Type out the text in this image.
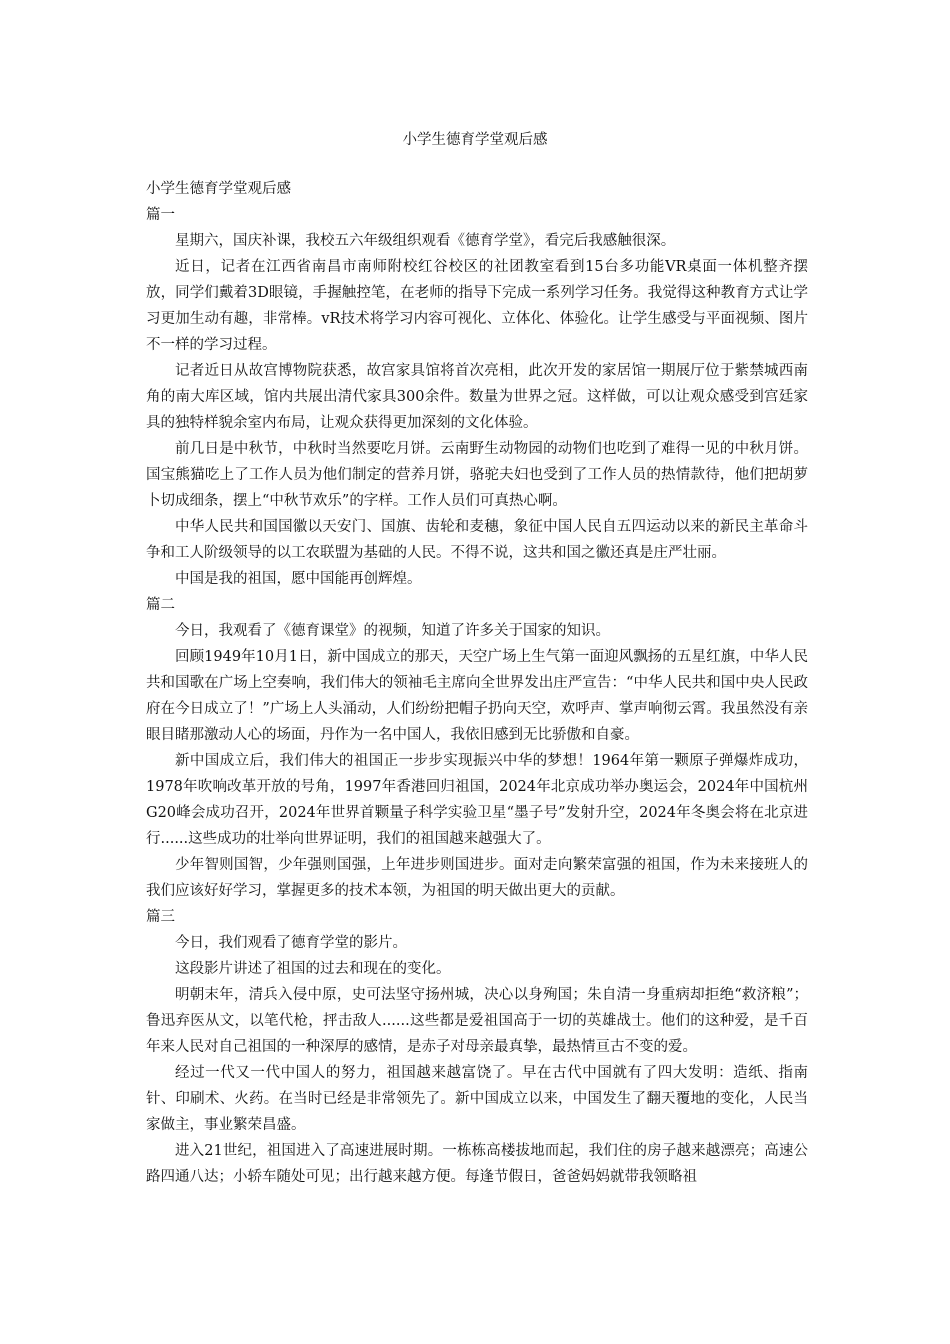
小学生德育学堂观后感

小学生德育学堂观后感

篇一

星期六，国庆补课，我校五六年级组织观看《德育学堂》，看完后我感触很深。

近日，记者在江西省南昌市南师附校红谷校区的社团教室看到15台多功能VR桌面一体机整齐摆放，同学们戴着3D眼镜，手握触控笔，在老师的指导下完成一系列学习任务。我觉得这种教育方式让学习更加生动有趣，非常棒。vR技术将学习内容可视化、立体化、体验化。让学生感受与平面视频、图片不一样的学习过程。

记者近日从故宫博物院获悉，故宫家具馆将首次亮相，此次开发的家居馆一期展厅位于紫禁城西南角的南大库区域，馆内共展出清代家具300余件。数量为世界之冠。这样做，可以让观众感受到宫廷家具的独特样貌余室内布局，让观众获得更加深刻的文化体验。

前几日是中秋节，中秋时当然要吃月饼。云南野生动物园的动物们也吃到了难得一见的中秋月饼。国宝熊猫吃上了工作人员为他们制定的营养月饼，骆驼夫妇也受到了工作人员的热情款待，他们把胡萝卜切成细条，摆上“中秋节欢乐”的字样。工作人员们可真热心啊。

中华人民共和国国徽以天安门、国旗、齿轮和麦穗，象征中国人民自五四运动以来的新民主革命斗争和工人阶级领导的以工农联盟为基础的人民。不得不说，这共和国之徽还真是庄严壮丽。

中国是我的祖国，愿中国能再创辉煌。

篇二

今日，我观看了《德育课堂》的视频，知道了许多关于国家的知识。

回顾1949年10月1日，新中国成立的那天，天空广场上生气第一面迎风飘扬的五星红旗，中华人民共和国歌在广场上空奏响，我们伟大的领袖毛主席向全世界发出庄严宣告：“中华人民共和国中央人民政府在今日成立了！”广场上人头涌动，人们纷纷把帽子扔向天空，欢呼声、掌声响彻云霄。我虽然没有亲眼目睹那激动人心的场面，丹作为一名中国人，我依旧感到无比骄傲和自豪。

新中国成立后，我们伟大的祖国正一步步实现振兴中华的梦想！1964年第一颗原子弹爆炸成功，1978年吹响改革开放的号角，1997年香港回归祖国，2024年北京成功举办奥运会，2024年中国杭州G20峰会成功召开，2024年世界首颗量子科学实验卫星“墨子号”发射升空，2024年冬奥会将在北京进行......这些成功的壮举向世界证明，我们的祖国越来越强大了。

少年智则国智，少年强则国强，上年进步则国进步。面对走向繁荣富强的祖国，作为未来接班人的我们应该好好学习，掌握更多的技术本领，为祖国的明天做出更大的贡献。

篇三

今日，我们观看了德育学堂的影片。

这段影片讲述了祖国的过去和现在的变化。

明朝末年，清兵入侵中原，史可法坚守扬州城，决心以身殉国；朱自清一身重病却拒绝“救济粮”；鲁迅弃医从文，以笔代枪，抨击敌人......这些都是爱祖国高于一切的英雄战士。他们的这种爱，是千百年来人民对自己祖国的一种深厚的感情，是赤子对母亲最真挚，最热情亘古不变的爱。

经过一代又一代中国人的努力，祖国越来越富饶了。早在古代中国就有了四大发明：造纸、指南针、印刷术、火药。在当时已经是非常领先了。新中国成立以来，中国发生了翻天覆地的变化，人民当家做主，事业繁荣昌盛。

进入21世纪，祖国进入了高速进展时期。一栋栋高楼拔地而起，我们住的房子越来越漂亮；高速公路四通八达；小轿车随处可见；出行越来越方便。每逢节假日，爸爸妈妈就带我领略祖
